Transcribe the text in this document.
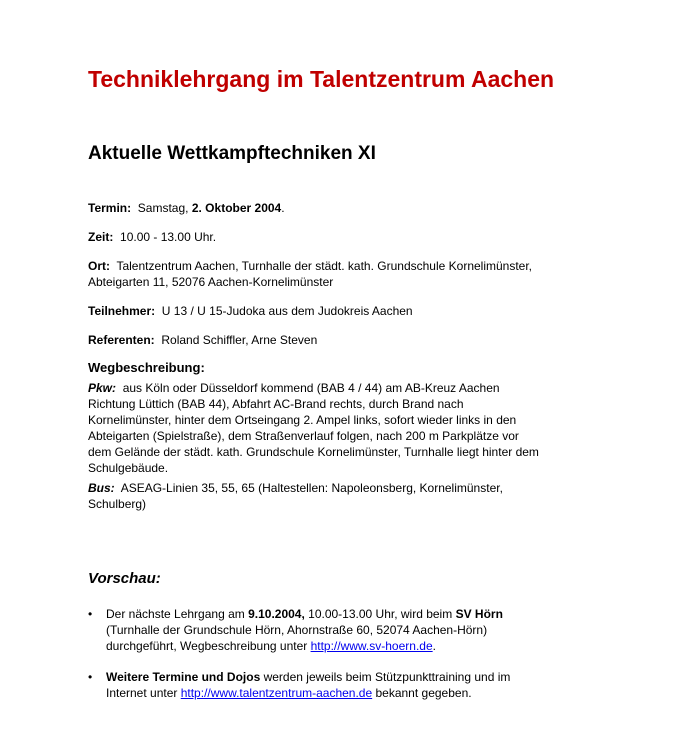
Techniklehrgang im Talentzentrum Aachen
Aktuelle Wettkampftechniken XI
Termin: Samstag, 2. Oktober 2004.
Zeit: 10.00 - 13.00 Uhr.
Ort: Talentzentrum Aachen, Turnhalle der städt. kath. Grundschule Kornelimünster,
Abteigarten 11, 52076 Aachen-Kornelimünster
Teilnehmer: U 13 / U 15-Judoka aus dem Judokreis Aachen
Referenten: Roland Schiffler, Arne Steven
Wegbeschreibung:
Pkw: aus Köln oder Düsseldorf kommend (BAB 4 / 44) am AB-Kreuz Aachen
Richtung Lüttich (BAB 44), Abfahrt AC-Brand rechts, durch Brand nach
Kornelimünster, hinter dem Ortseingang 2. Ampel links, sofort wieder links in den
Abteigarten (Spielstraße), dem Straßenverlauf folgen, nach 200 m Parkplätze vor
dem Gelände der städt. kath. Grundschule Kornelimünster, Turnhalle liegt hinter dem
Schulgebäude.
Bus: ASEAG-Linien 35, 55, 65 (Haltestellen: Napoleonsberg, Kornelimünster,
Schulberg)
Vorschau:
•	Der nächste Lehrgang am 9.10.2004, 10.00-13.00 Uhr, wird beim SV Hörn
(Turnhalle der Grundschule Hörn, Ahornstraße 60, 52074 Aachen-Hörn)
durchgeführt, Wegbeschreibung unter http://www.sv-hoern.de.
•	Weitere Termine und Dojos werden jeweils beim Stützpunkttraining und im
Internet unter http://www.talentzentrum-aachen.de bekannt gegeben.
